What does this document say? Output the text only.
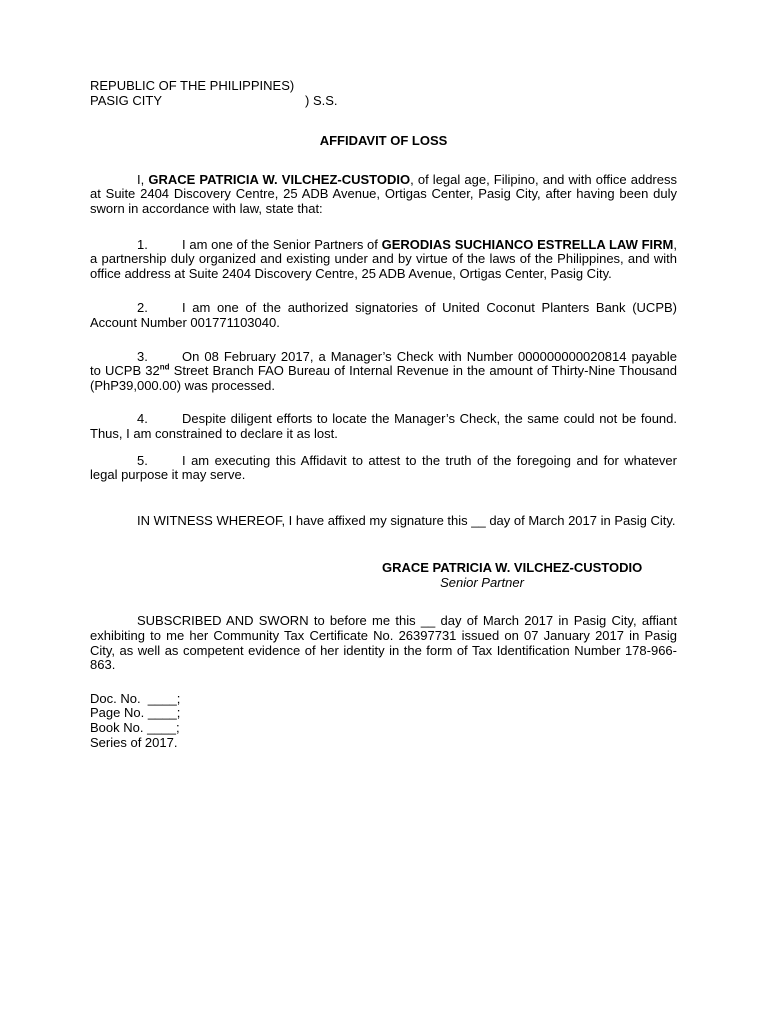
REPUBLIC OF THE PHILIPPINES)
PASIG CITY	) S.S.
AFFIDAVIT OF LOSS

I, GRACE PATRICIA W. VILCHEZ-CUSTODIO, of legal age, Filipino, and with office address at Suite 2404 Discovery Centre, 25 ADB Avenue, Ortigas Center, Pasig City, after having been duly sworn in accordance with law, state that:

1.	I am one of the Senior Partners of GERODIAS SUCHIANCO ESTRELLA LAW FIRM, a partnership duly organized and existing under and by virtue of the laws of the Philippines, and with office address at Suite 2404 Discovery Centre, 25 ADB Avenue, Ortigas Center, Pasig City.

2.	I am one of the authorized signatories of United Coconut Planters Bank (UCPB) Account Number 001771103040.

3.	On 08 February 2017, a Manager’s Check with Number 000000000020814 payable to UCPB 32nd Street Branch FAO Bureau of Internal Revenue in the amount of Thirty-Nine Thousand (PhP39,000.00) was processed.

4.	Despite diligent efforts to locate the Manager’s Check, the same could not be found. Thus, I am constrained to declare it as lost.

5.	I am executing this Affidavit to attest to the truth of the foregoing and for whatever legal purpose it may serve.

IN WITNESS WHEREOF, I have affixed my signature this __ day of March 2017 in Pasig City.

GRACE PATRICIA W. VILCHEZ-CUSTODIO
Senior Partner

SUBSCRIBED AND SWORN to before me this __ day of March 2017 in Pasig City, affiant exhibiting to me her Community Tax Certificate No. 26397731 issued on 07 January 2017 in Pasig City, as well as competent evidence of her identity in the form of Tax Identification Number 178-966-863.

Doc. No.  ____;
Page No. ____;
Book No. ____;
Series of 2017.
